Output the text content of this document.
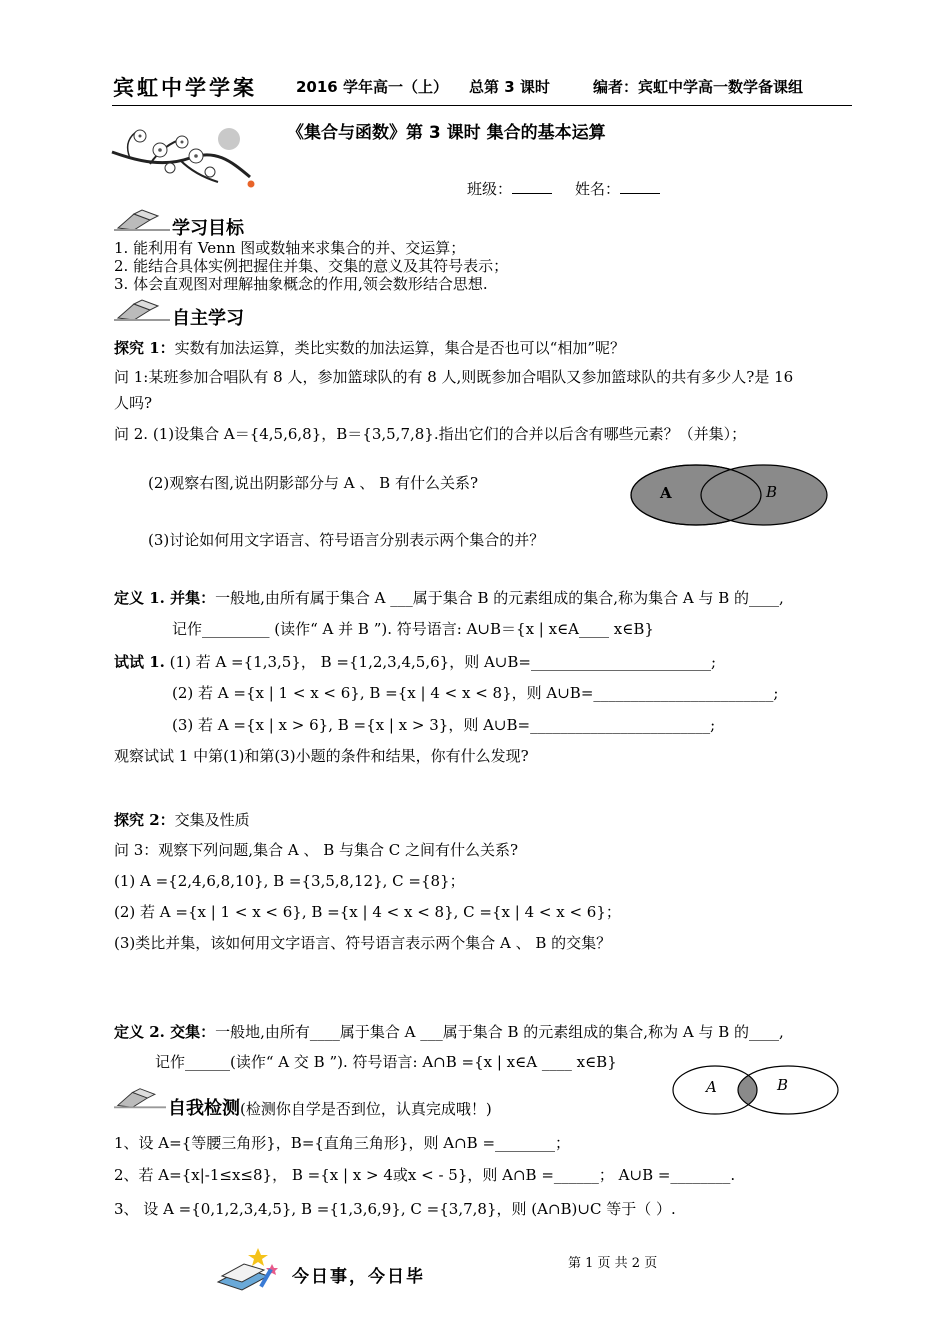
宾虹中学学案	2016 学年高一（上） 总第 3 课时	编者：宾虹中学高一数学备课组
《集合与函数》第 3 课时 集合的基本运算
班级：	姓名：
学习目标
1. 能利用有 Venn 图或数轴来求集合的并、交运算；
2. 能结合具体实例把握住并集、交集的意义及其符号表示；
3. 体会直观图对理解抽象概念的作用,领会数形结合思想.
自主学习
探究 1：实数有加法运算，类比实数的加法运算，集合是否也可以“相加”呢？
问 1:某班参加合唱队有 8 人，参加篮球队的有 8 人,则既参加合唱队又参加篮球队的共有多少人?是 16
人吗?
问 2. (1)设集合 A＝{4,5,6,8}，B＝{3,5,7,8}.指出它们的合并以后含有哪些元素？（并集）；
(2)观察右图,说出阴影部分与 A 、 B 有什么关系?
(3)讨论如何用文字语言、符号语言分别表示两个集合的并？
A	B
定义 1. 并集：一般地,由所有属于集合 A ___属于集合 B 的元素组成的集合,称为集合 A 与 B 的____,
记作_________ (读作“ A 并 B ”). 符号语言: A∪B＝{x | x∈A____ x∈B}
试试 1. (1) 若 A ={1,3,5}， B ={1,2,3,4,5,6}，则 A∪B=________________________;
(2) 若 A ={x | 1 < x < 6}, B ={x | 4 < x < 8}，则 A∪B=________________________;
(3) 若 A ={x | x > 6}, B ={x | x > 3}，则 A∪B=________________________;
观察试试 1 中第(1)和第(3)小题的条件和结果，你有什么发现?
探究 2：交集及性质
问 3：观察下列问题,集合 A 、 B 与集合 C 之间有什么关系?
(1) A ={2,4,6,8,10}, B ={3,5,8,12}, C ={8}；
(2) 若 A ={x | 1 < x < 6}, B ={x | 4 < x < 8}, C ={x | 4 < x < 6}；
(3)类比并集，该如何用文字语言、符号语言表示两个集合 A 、 B 的交集？
定义 2. 交集：一般地,由所有____属于集合 A ___属于集合 B 的元素组成的集合,称为 A 与 B 的____,
记作______(读作“ A 交 B ”). 符号语言: A∩B ={x | x∈A ____ x∈B}
A	B
自我检测(检测你自学是否到位，认真完成哦！)
1、设 A={等腰三角形}，B={直角三角形}，则 A∩B =________；
2、若 A={x|-1≤x≤8}， B ={x | x > 4或x < - 5}，则 A∩B =______； A∪B =________.
3、 设 A ={0,1,2,3,4,5}, B ={1,3,6,9}, C ={3,7,8}，则 (A∩B)∪C 等于（ ）.
今日事，今日毕
第 1 页 共 2 页
